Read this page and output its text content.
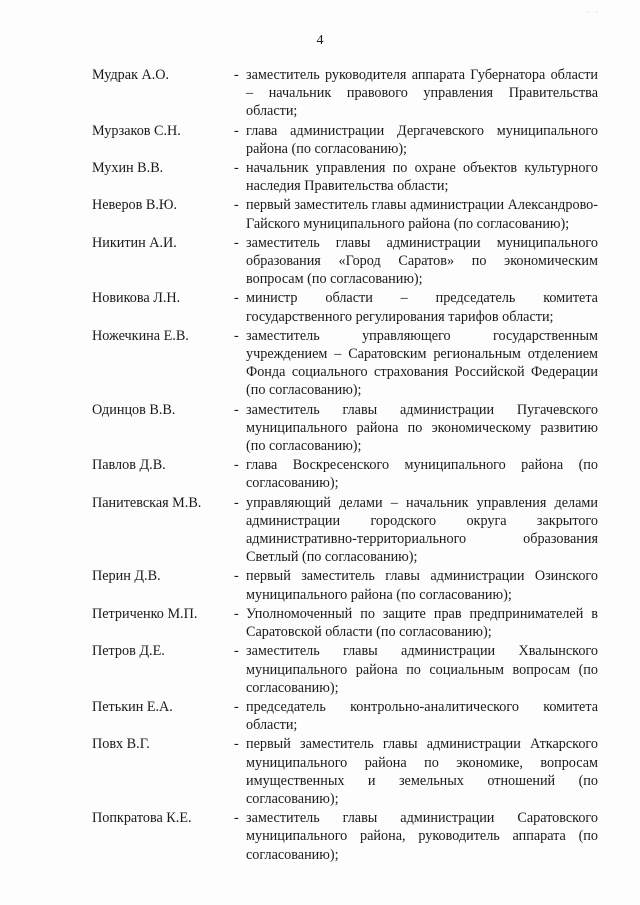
· ·
4
Мудрак А.О.	- заместитель руководителя аппарата Губернатора области – начальник правового управления Правительства области;
Мурзаков С.Н.	- глава администрации Дергачевского муниципального района (по согласованию);
Мухин В.В.	- начальник управления по охране объектов культурного наследия Правительства области;
Неверов В.Ю.	- первый заместитель главы администрации Александрово-Гайского муниципального района (по согласованию);
Никитин А.И.	- заместитель главы администрации муниципального образования «Город Саратов» по экономическим вопросам (по согласованию);
Новикова Л.Н.	- министр области – председатель комитета государственного регулирования тарифов области;
Ножечкина Е.В.	- заместитель управляющего государственным учреждением – Саратовским региональным отделением Фонда социального страхования Российской Федерации (по согласованию);
Одинцов В.В.	- заместитель главы администрации Пугачевского муниципального района по экономическому развитию (по согласованию);
Павлов Д.В.	- глава Воскресенского муниципального района (по согласованию);
Панитевская М.В.	- управляющий делами – начальник управления делами администрации городского округа закрытого административно-территориального образования Светлый (по согласованию);
Перин Д.В.	- первый заместитель главы администрации Озинского муниципального района (по согласованию);
Петриченко М.П.	- Уполномоченный по защите прав предпринимателей в Саратовской области (по согласованию);
Петров Д.Е.	- заместитель главы администрации Хвалынского муниципального района по социальным вопросам (по согласованию);
Петькин Е.А.	- председатель контрольно-аналитического комитета области;
Повх В.Г.	- первый заместитель главы администрации Аткарского муниципального района по экономике, вопросам имущественных и земельных отношений (по согласованию);
Попкратова К.Е.	- заместитель главы администрации Саратовского муниципального района, руководитель аппарата (по согласованию);
